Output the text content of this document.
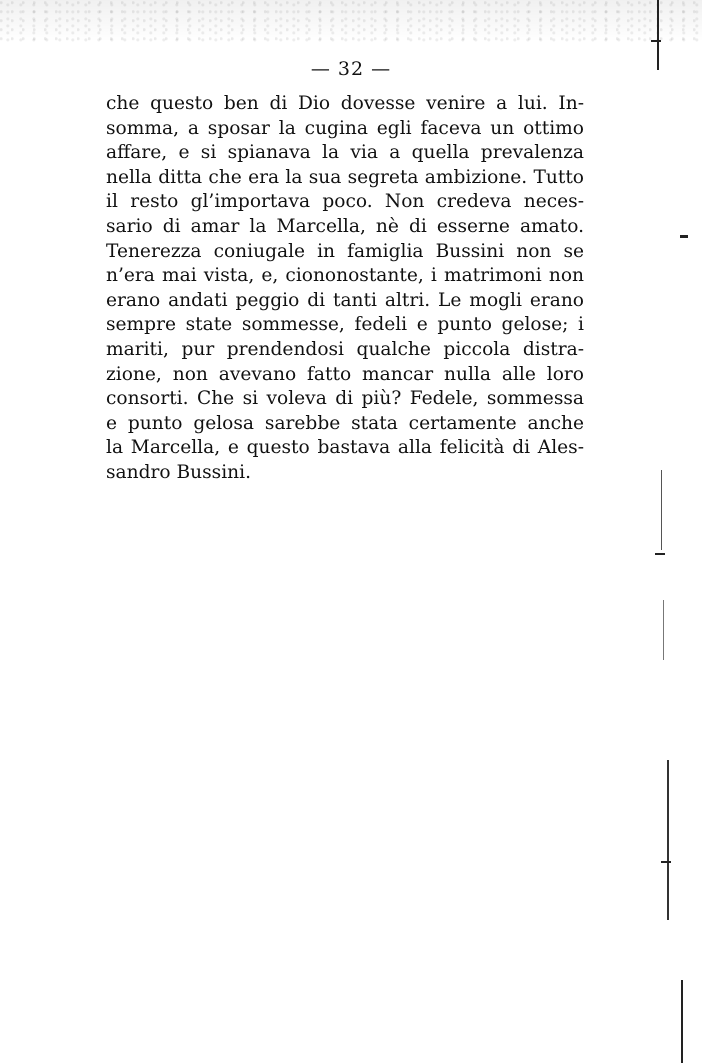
— 32 —
che questo ben di Dio dovesse venire a lui. In-
somma, a sposar la cugina egli faceva un ottimo
affare, e si spianava la via a quella prevalenza
nella ditta che era la sua segreta ambizione. Tutto
il resto gl’importava poco. Non credeva neces-
sario di amar la Marcella, nè di esserne amato.
Tenerezza coniugale in famiglia Bussini non se
n’era mai vista, e, ciononostante, i matrimoni non
erano andati peggio di tanti altri. Le mogli erano
sempre state sommesse, fedeli e punto gelose; i
mariti, pur prendendosi qualche piccola distra-
zione, non avevano fatto mancar nulla alle loro
consorti. Che si voleva di più? Fedele, sommessa
e punto gelosa sarebbe stata certamente anche
la Marcella, e questo bastava alla felicità di Ales-
sandro Bussini.
